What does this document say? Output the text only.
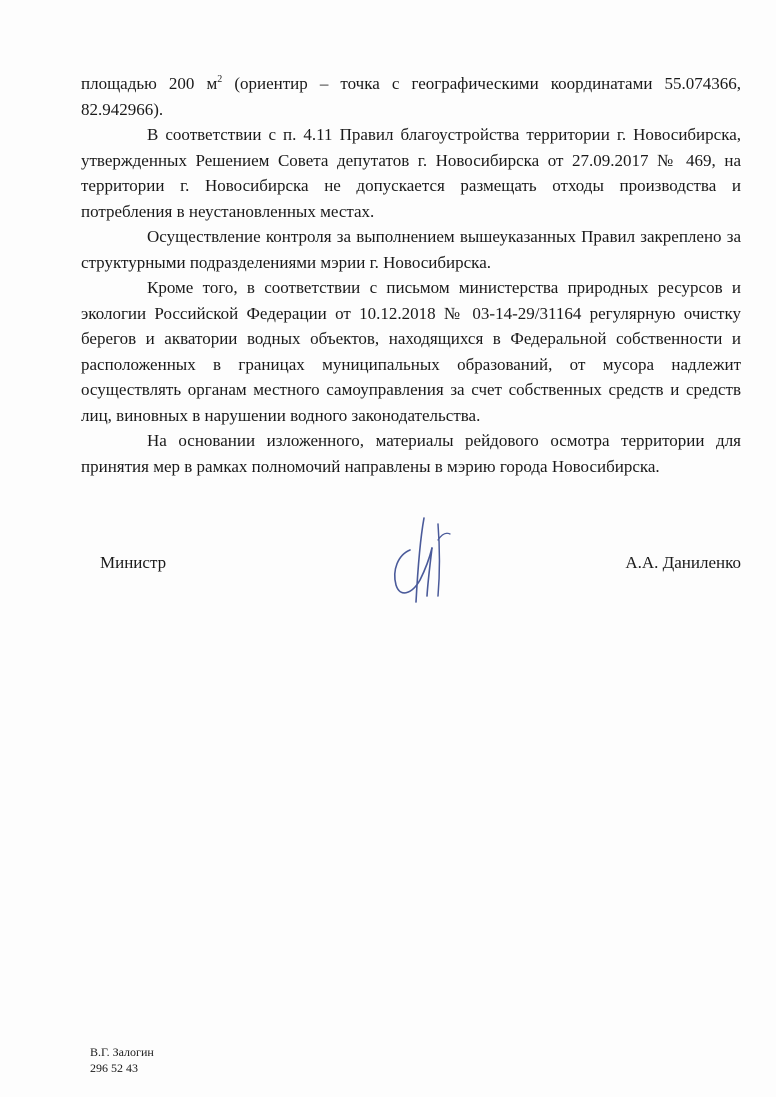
площадью 200 $м^2$ (ориентир – точка с географическими координатами 55.074366, 82.942966).

В соответствии с п. 4.11 Правил благоустройства территории г. Новосибирска, утвержденных Решением Совета депутатов г. Новосибирска от 27.09.2017 № 469, на территории г. Новосибирска не допускается размещать отходы производства и потребления в неустановленных местах.

Осуществление контроля за выполнением вышеуказанных Правил закреплено за структурными подразделениями мэрии г. Новосибирска.

Кроме того, в соответствии с письмом министерства природных ресурсов и экологии Российской Федерации от 10.12.2018 № 03-14-29/31164 регулярную очистку берегов и акватории водных объектов, находящихся в Федеральной собственности и расположенных в границах муниципальных образований, от мусора надлежит осуществлять органам местного самоуправления за счет собственных средств и средств лиц, виновных в нарушении водного законодательства.

На основании изложенного, материалы рейдового осмотра территории для принятия мер в рамках полномочий направлены в мэрию города Новосибирска.

Министр	А.А. Даниленко
В.Г. Залогин
296 52 43
